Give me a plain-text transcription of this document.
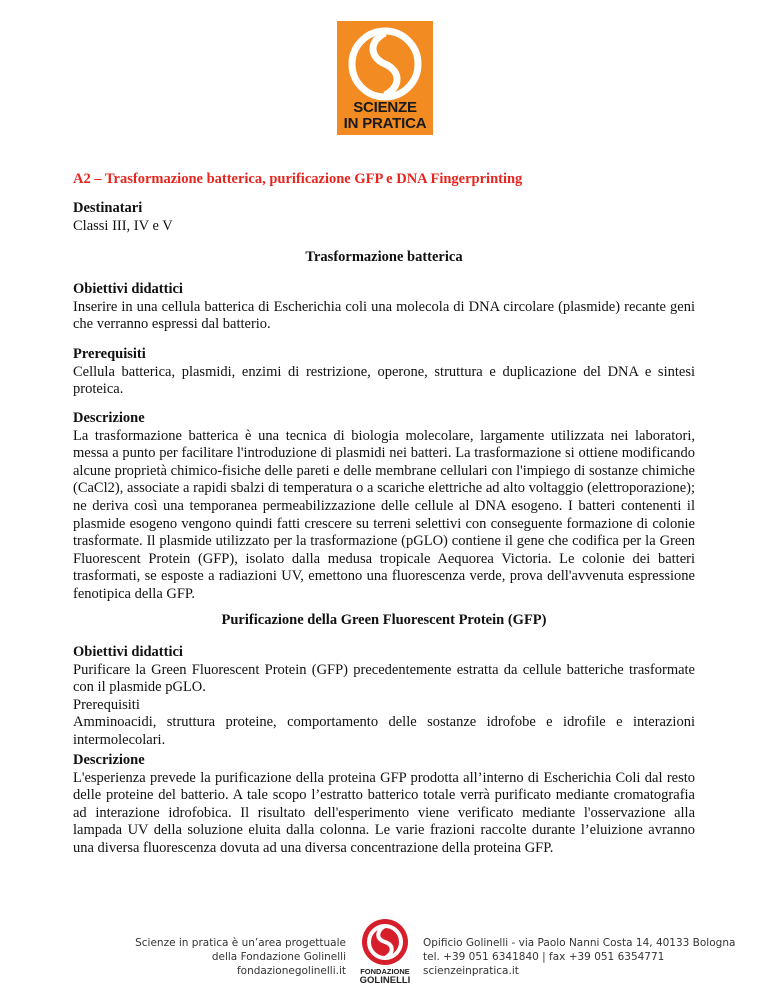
SCIENZE
IN PRATICA
A2 – Trasformazione batterica, purificazione GFP e DNA Fingerprinting
Destinatari
Classi III, IV e V
Trasformazione batterica
Obiettivi didattici

Inserire in una cellula batterica di Escherichia coli una molecola di DNA circolare (plasmide) recante geni che verranno espressi dal batterio.

Prerequisiti

Cellula batterica, plasmidi, enzimi di restrizione, operone, struttura e duplicazione del DNA e sintesi proteica.

Descrizione

La trasformazione batterica è una tecnica di biologia molecolare, largamente utilizzata nei laboratori, messa a punto per facilitare l'introduzione di plasmidi nei batteri. La trasformazione si ottiene modificando alcune proprietà chimico-fisiche delle pareti e delle membrane cellulari con l'impiego di sostanze chimiche (CaCl2), associate a rapidi sbalzi di temperatura o a scariche elettriche ad alto voltaggio (elettroporazione); ne deriva così una temporanea permeabilizzazione delle cellule al DNA esogeno. I batteri contenenti il plasmide esogeno vengono quindi fatti crescere su terreni selettivi con conseguente formazione di colonie trasformate. Il plasmide utilizzato per la trasformazione (pGLO) contiene il gene che codifica per la Green Fluorescent Protein (GFP), isolato dalla medusa tropicale Aequorea Victoria. Le colonie dei batteri trasformati, se esposte a radiazioni UV, emettono una fluorescenza verde, prova dell'avvenuta espressione fenotipica della GFP.

Purificazione della Green Fluorescent Protein (GFP)
Obiettivi didattici

Purificare la Green Fluorescent Protein (GFP) precedentemente estratta da cellule batteriche trasformate con il plasmide pGLO.

Prerequisiti

Amminoacidi, struttura proteine, comportamento delle sostanze idrofobe e idrofile e interazioni intermolecolari.

Descrizione

L'esperienza prevede la purificazione della proteina GFP prodotta all’interno di Escherichia Coli dal resto delle proteine del batterio. A tale scopo l’estratto batterico totale verrà purificato mediante cromatografia ad interazione idrofobica. Il risultato dell'esperimento viene verificato mediante l'osservazione alla lampada UV della soluzione eluita dalla colonna. Le varie frazioni raccolte durante l’eluizione avranno una diversa fluorescenza dovuta ad una diversa concentrazione della proteina GFP.

Scienze in pratica è un’area progettuale
della Fondazione Golinelli
fondazionegolinelli.it	FONDAZIONE
GOLINELLI
Opificio Golinelli - via Paolo Nanni Costa 14, 40133 Bologna
tel. +39 051 6341840 | fax +39 051 6354771
scienzeinpratica.it
